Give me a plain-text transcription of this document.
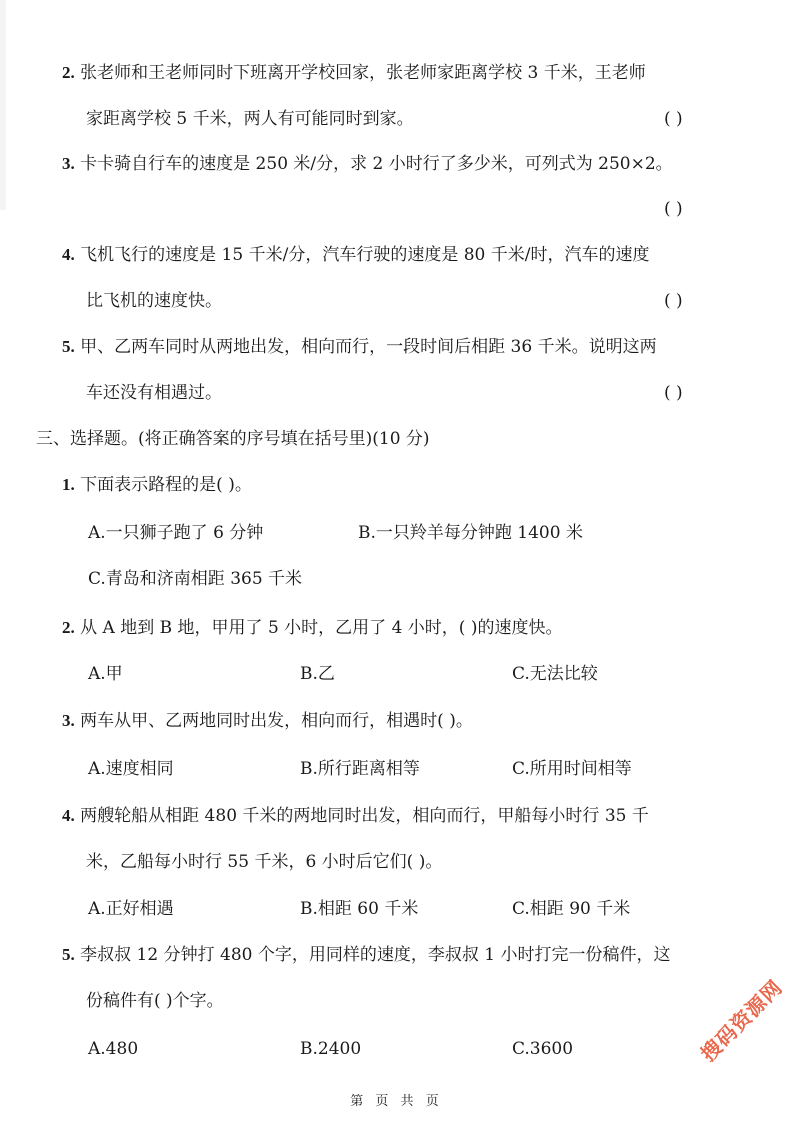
2. 张老师和王老师同时下班离开学校回家，张老师家距离学校 3 千米，王老师
家距离学校 5 千米，两人有可能同时到家。	( )
3. 卡卡骑自行车的速度是 250 米/分，求 2 小时行了多少米，可列式为 250×2。
( )
4. 飞机飞行的速度是 15 千米/分，汽车行驶的速度是 80 千米/时，汽车的速度
比飞机的速度快。	( )
5. 甲、乙两车同时从两地出发，相向而行，一段时间后相距 36 千米。说明这两
车还没有相遇过。	( )
三、选择题。(将正确答案的序号填在括号里)(10 分)
1. 下面表示路程的是( )。
A.一只狮子跑了 6 分钟	B.一只羚羊每分钟跑 1400 米
C.青岛和济南相距 365 千米
2. 从 A 地到 B 地，甲用了 5 小时，乙用了 4 小时，( )的速度快。
A.甲	B.乙	C.无法比较
3. 两车从甲、乙两地同时出发，相向而行，相遇时( )。
A.速度相同	B.所行距离相等	C.所用时间相等
4. 两艘轮船从相距 480 千米的两地同时出发，相向而行，甲船每小时行 35 千
米，乙船每小时行 55 千米，6 小时后它们( )。
A.正好相遇	B.相距 60 千米	C.相距 90 千米
5. 李叔叔 12 分钟打 480 个字，用同样的速度，李叔叔 1 小时打完一份稿件，这
份稿件有( )个字。
A.480	B.2400	C.3600	搜码资源网
第 页 共 页
